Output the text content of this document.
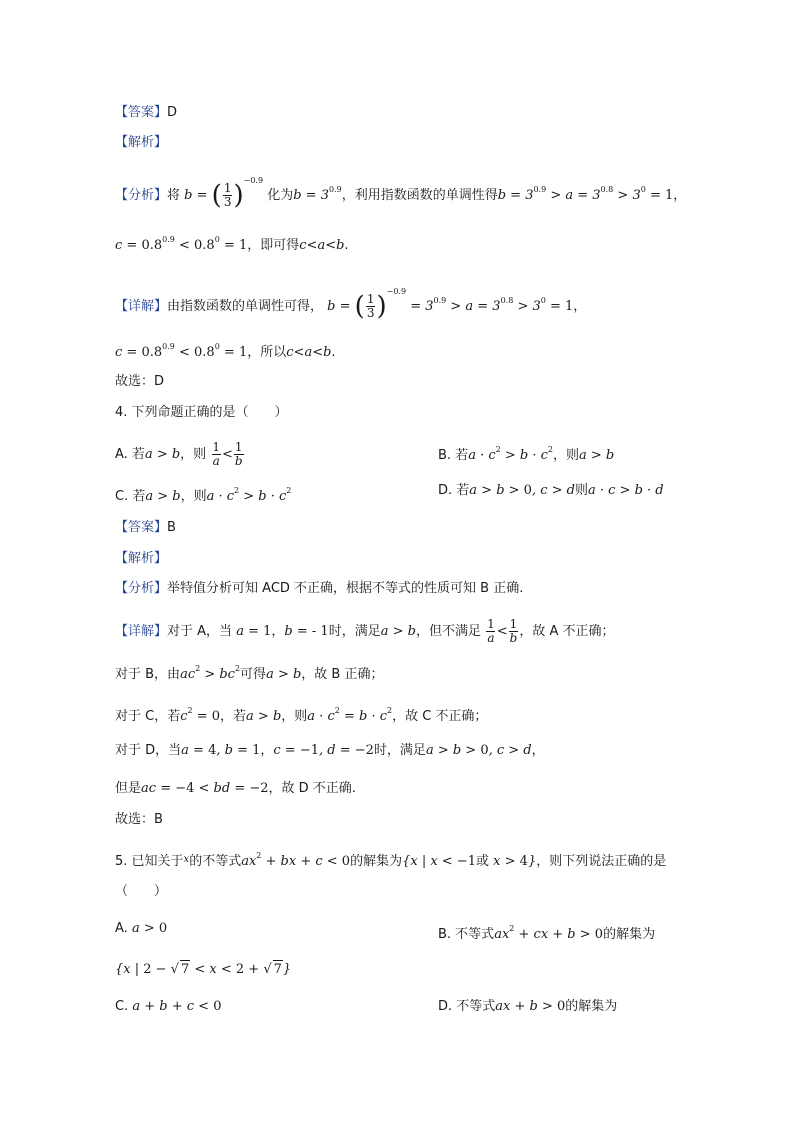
【答案】D
【解析】
【分析】将 b = ( $\frac{1}{3} )^{-0.9}$ 化为$b = 3^{0.9}$，利用指数函数的单调性得$b = 3^{0.9} > a = 3^{0.8} > 3^0 = 1$，
$c = 0.8^{0.9} < 0.8^0 = 1$，即可得c<a<b.
【详解】由指数函数的单调性可得， b = ( $\frac{1}{3} )^{-0.9} = 3^{0.9} > a = 3^{0.8} > 3^0 = 1$，
$c = 0.8^{0.9} < 0.8^0 = 1$，所以c<a<b.
故选：D
4. 下列命题正确的是（　　）
A. 若a > b，则 $\frac{1}{a} < \frac{1}{b}$	B. 若$a \cdot c^2 > b \cdot c^2$，则a > b
C. 若a > b，则$a \cdot c^2 > b \cdot c^2$	D. 若a > b > 0, c > d则a · c > b · d
【答案】B
【解析】
【分析】举特值分析可知 ACD 不正确，根据不等式的性质可知 B 正确.
【详解】对于 A，当 a = 1，b = - 1时，满足a > b，但不满足 $\frac{1}{a} < \frac{1}{b}$ ，故 A 不正确；
对于 B，由$ac^2 > bc^2$可得a > b，故 B 正确；
对于 C，若$c^2 = 0$，若a > b，则$a \cdot c^2 = b \cdot c^2$，故 C 不正确；
对于 D，当a = 4, b = 1，c = −1, d = −2时，满足a > b > 0, c > d，
但是ac = −4 < bd = −2，故 D 不正确.
故选：B
5. 已知关于$^x$的不等式$ax^2$ + bx + c < 0的解集为{x | x < −1或 x > 4}，则下列说法正确的是
（　　）
A. a > 0	B. 不等式$ax^2$ + cx + b > 0的解集为
{x | 2 − √ 7 < x < 2 + √ 7}
C. a + b + c < 0	D. 不等式ax + b > 0的解集为
